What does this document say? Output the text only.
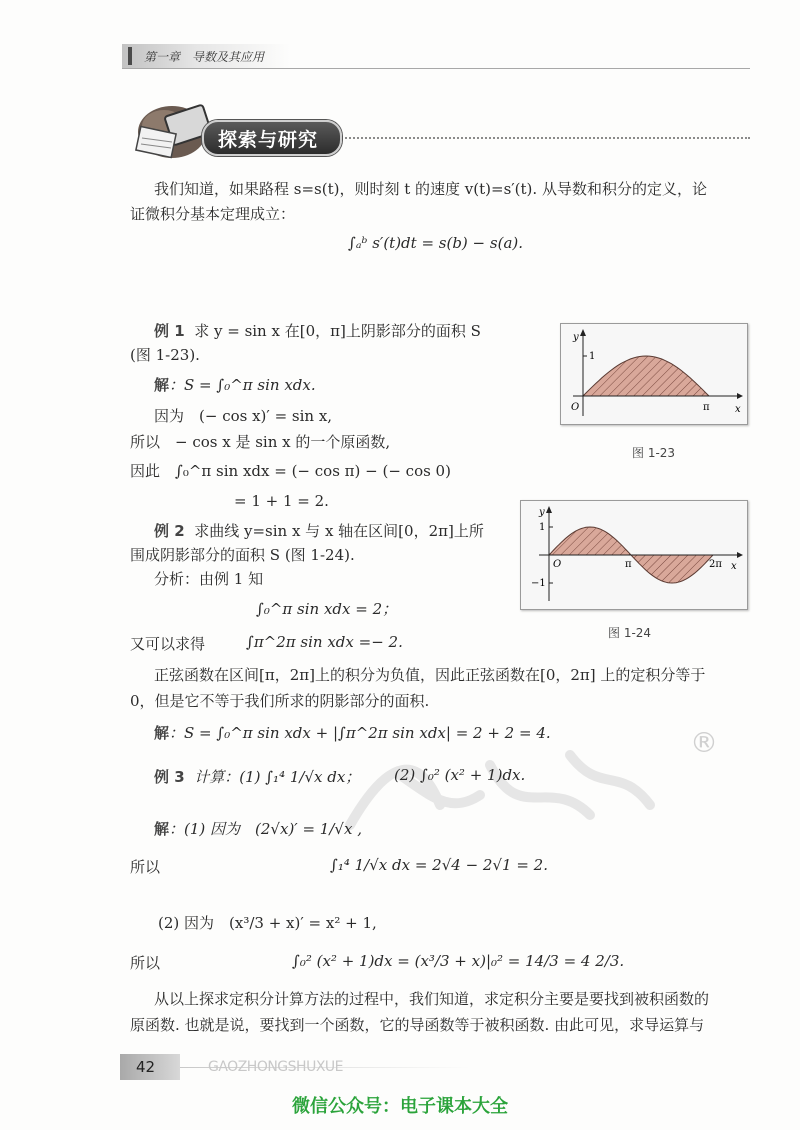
第一章　导数及其应用
探索与研究
我们知道，如果路程 s=s(t)，则时刻 t 的速度 v(t)=s′(t). 从导数和积分的定义，论
证微积分基本定理成立：
∫ₐᵇ s′(t)dt = s(b) − s(a).
例 1 求 y = sin x 在[0，π]上阴影部分的面积 S
(图 1-23).
解：S = ∫₀^π sin xdx.
因为　(− cos x)′ = sin x,
所以　− cos x 是 sin x 的一个原函数,
因此　∫₀^π sin xdx = (− cos π) − (− cos 0)
= 1 + 1 = 2.
1
y
x
O	π
图 1-23
例 2 求曲线 y=sin x 与 x 轴在区间[0，2π]上所
围成阴影部分的面积 S (图 1-24).
分析：由例 1 知
∫₀^π sin xdx = 2；
又可以求得	∫π^2π sin xdx =− 2.
1
−1
y
x
O	π	2π
图 1-24
正弦函数在区间[π，2π]上的积分为负值，因此正弦函数在[0，2π] 上的定积分等于
0，但是它不等于我们所求的阴影部分的面积.
解：S = ∫₀^π sin xdx + |∫π^2π sin xdx| = 2 + 2 = 4.	®
例 3 计算：(1) ∫₁⁴ 1/√x dx； (2) ∫₀² (x² + 1)dx.
解：(1) 因为　(2√x)′ = 1/√x ,
所以	∫₁⁴ 1/√x dx = 2√4 − 2√1 = 2.
(2) 因为　(x³/3 + x)′ = x² + 1,
所以	∫₀² (x² + 1)dx = (x³/3 + x)|₀² = 14/3 = 4 2/3.
从以上探求定积分计算方法的过程中，我们知道，求定积分主要是要找到被积函数的
原函数. 也就是说，要找到一个函数，它的导函数等于被积函数. 由此可见，求导运算与
42	GAOZHONGSHUXUE
微信公众号：电子课本大全
